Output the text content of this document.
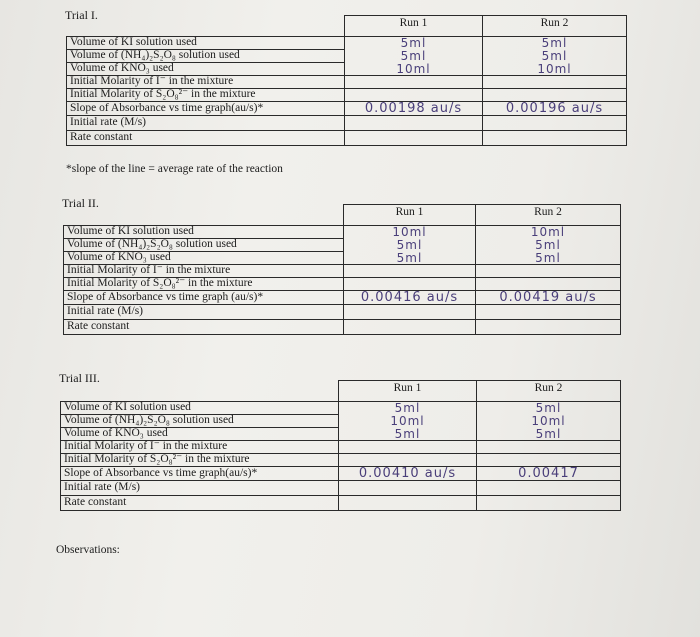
Trial I.

	Run 1	Run 2

Volume of KI solution used	5ml	5ml
Volume of (NH₄)₂S₂O₈ solution used	5ml	5ml
Volume of KNO₃ used	10ml	10ml
Initial Molarity of I⁻ in the mixture		
Initial Molarity of S₂O₈²⁻ in the mixture		
Slope of Absorbance vs time graph(au/s)*	0.00198 au/s	0.00196 au/s
Initial rate (M/s)		
Rate constant		
*slope of the line = average rate of the reaction
Trial II.

	Run 1	Run 2

Volume of KI solution used	10ml	10ml
Volume of (NH₄)₂S₂O₈ solution used	5ml	5ml
Volume of KNO₃ used	5ml	5ml
Initial Molarity of I⁻ in the mixture		
Initial Molarity of S₂O₈²⁻ in the mixture		
Slope of Absorbance vs time graph (au/s)*	0.00416 au/s	0.00419 au/s
Initial rate (M/s)		
Rate constant		
Trial III.

	Run 1	Run 2

Volume of KI solution used	5ml	5ml
Volume of (NH₄)₂S₂O₈ solution used	10ml	10ml
Volume of KNO₃ used	5ml	5ml
Initial Molarity of I⁻ in the mixture		
Initial Molarity of S₂O₈²⁻ in the mixture		
Slope of Absorbance vs time graph(au/s)*	0.00410 au/s	0.00417
Initial rate (M/s)		
Rate constant		
Observations:
